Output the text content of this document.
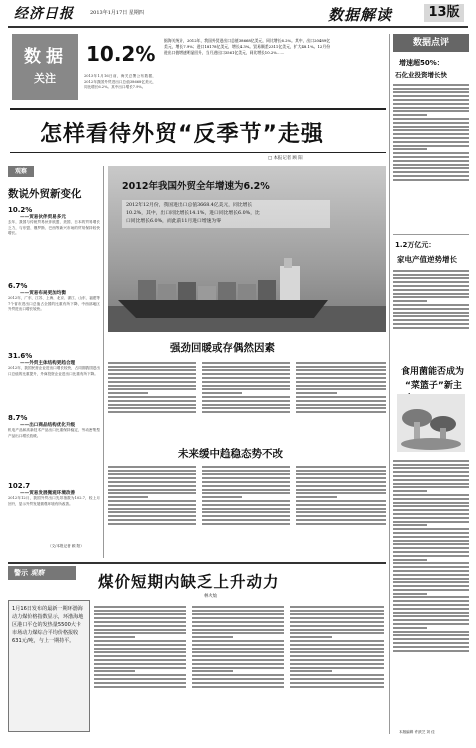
经济日报	2013年1月17日 星期四	数据解读	13版
数 据
关注
10.2%
2013年1月16日前，海关总署公布数据，2012年我国外贸进出口总值38668亿美元，同比增长6.2%。其中出口增长7.9%。
据海关统计，2012年，我国外贸进出口总值38668亿美元，同比增长6.2%。其中，出口20489亿美元，增长7.9%；进口18178亿美元，增长4.3%。贸易顺差2311亿美元，扩大48.1%。12月份进出口值增速明显回升，当月进出口3561亿美元，同比增长10.2%……
数据点评
增速超50%：
石化业投资增长快
1.2万亿元：
家电产值逆势增长
食用菌能否成为
“菜篮子”新主
本版编辑 许跃芝 刘 佳
怎样看待外贸“反季节”走强
□ 本报记者 顾 阳
观察
数说外贸新变化
10.2%
——贸易伙伴贸易多元
去年，我国与传统贸易伙伴欧盟、美国、日本的贸易增长乏力，与东盟、俄罗斯、巴西等新兴市场的贸易保持较快增长。
6.7%
——贸易布局更加均衡
2012年，广东、江苏、上海、北京、浙江、山东、福建等7个省市进出口总值占全国的比重有所下降，中西部地区外贸进出口增长较快。
31.6%
——外贸主体结构更趋合理
2012年，我国民营企业进出口增长较快，占同期我国进出口总值的比重提升，外商投资企业进出口比重有所下降。
8.7%
——出口商品结构优化升级
机电产品和高新技术产品出口比重保持稳定，劳动密集型产品出口增长放缓。
102.7
——贸易发展微观环境改善
2012年12月，我国外贸出口先导指数为102.7，较上月回升，显示外贸发展微观环境有所改善。
（文/本报记者 顾 阳）
2012年我国外贸全年增速为6.2%
2012年12月份，我国进出口总值3668.4亿美元，同比增长
10.2%，其中，出口同比增长14.1%，进口同比增长6.0%，比
口同比增长6.0%，而此前11月进口增速为零
强劲回暖或存偶然因素
未来缓中趋稳态势不改
警示 观察	煤价短期内缺乏上升动力
林火灿
1月16日发布的最新一期环渤海动力煤价格指数显示，环渤海地区港口平仓的发热量5500大卡市场动力煤综合平均价格报收631元/吨，与上一期持平。
